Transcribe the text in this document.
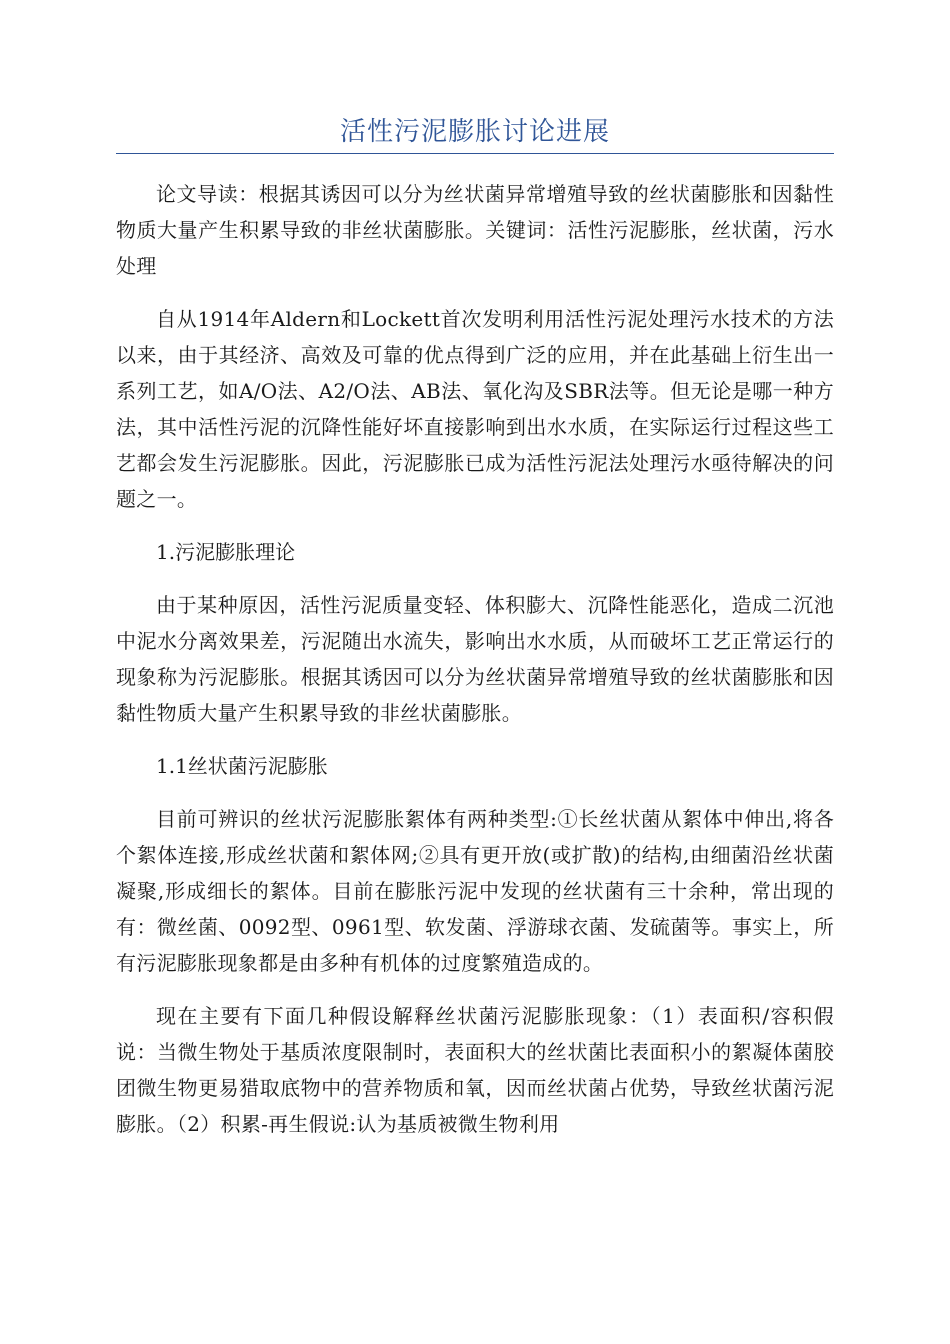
活性污泥膨胀讨论进展

论文导读：根据其诱因可以分为丝状菌异常增殖导致的丝状菌膨胀和因黏性物质大量产生积累导致的非丝状菌膨胀。关键词：活性污泥膨胀，丝状菌，污水处理

自从1914年Aldern和Lockett首次发明利用活性污泥处理污水技术的方法以来，由于其经济、高效及可靠的优点得到广泛的应用，并在此基础上衍生出一系列工艺，如A/O法、A2/O法、AB法、氧化沟及SBR法等。但无论是哪一种方法，其中活性污泥的沉降性能好坏直接影响到出水水质，在实际运行过程这些工艺都会发生污泥膨胀。因此，污泥膨胀已成为活性污泥法处理污水亟待解决的问题之一。

1.污泥膨胀理论

由于某种原因，活性污泥质量变轻、体积膨大、沉降性能恶化，造成二沉池中泥水分离效果差，污泥随出水流失，影响出水水质，从而破坏工艺正常运行的现象称为污泥膨胀。根据其诱因可以分为丝状菌异常增殖导致的丝状菌膨胀和因黏性物质大量产生积累导致的非丝状菌膨胀。

1.1丝状菌污泥膨胀

目前可辨识的丝状污泥膨胀絮体有两种类型:①长丝状菌从絮体中伸出,将各个絮体连接,形成丝状菌和絮体网;②具有更开放(或扩散)的结构,由细菌沿丝状菌凝聚,形成细长的絮体。目前在膨胀污泥中发现的丝状菌有三十余种，常出现的有：微丝菌、0092型、0961型、软发菌、浮游球衣菌、发硫菌等。事实上，所有污泥膨胀现象都是由多种有机体的过度繁殖造成的。

现在主要有下面几种假设解释丝状菌污泥膨胀现象：（1）表面积/容积假说：当微生物处于基质浓度限制时，表面积大的丝状菌比表面积小的絮凝体菌胶团微生物更易猎取底物中的营养物质和氧，因而丝状菌占优势，导致丝状菌污泥膨胀。（2）积累-再生假说:认为基质被微生物利用
